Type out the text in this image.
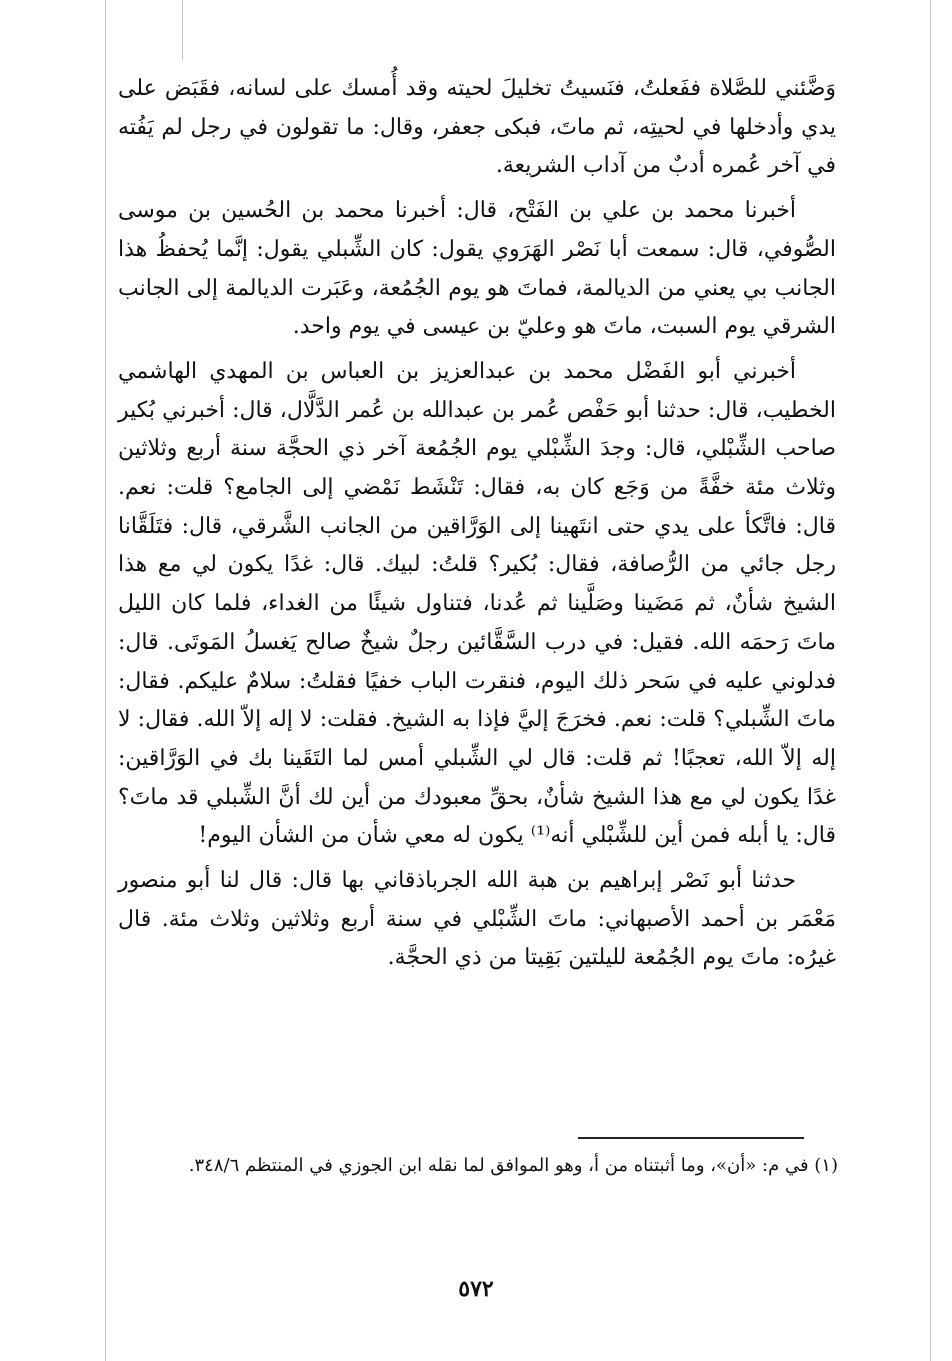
وَضَّئني للصَّلاة ففَعلتُ، فنَسيتُ تخليلَ لحيته وقد أُمسك على لسانه، فقَبَض على يدي وأدخلها في لحيتِه، ثم ماتَ، فبكى جعفر، وقال: ما تقولون في رجل لم يَفُته في آخر عُمره أدبٌ من آداب الشريعة.

أخبرنا محمد بن علي بن الفَتْح، قال: أخبرنا محمد بن الحُسين بن موسى الصُّوفي، قال: سمعت أبا نَصْر الهَرَوي يقول: كان الشِّبلي يقول: إنَّما يُحفظُ هذا الجانب بي يعني من الديالمة، فماتَ هو يوم الجُمُعة، وعَبَرت الديالمة إلى الجانب الشرقي يوم السبت، ماتَ هو وعليّ بن عيسى في يوم واحد.

أخبرني أبو الفَضْل محمد بن عبدالعزيز بن العباس بن المهدي الهاشمي الخطيب، قال: حدثنا أبو حَفْص عُمر بن عبدالله بن عُمر الدَّلَّال، قال: أخبرني بُكير صاحب الشِّبْلي، قال: وجدَ الشِّبْلي يوم الجُمُعة آخر ذي الحجَّة سنة أربع وثلاثين وثلاث مئة خفَّةً من وَجَع كان به، فقال: تَنْشَط نَمْضي إلى الجامع؟ قلت: نعم. قال: فاتَّكأ على يدي حتى انتَهينا إلى الوَرَّاقين من الجانب الشَّرقي، قال: فتَلَقَّانا رجل جائي من الرُّصافة، فقال: بُكير؟ قلتُ: لبيك. قال: غدًا يكون لي مع هذا الشيخ شأنٌ، ثم مَضَينا وصَلَّينا ثم عُدنا، فتناول شيئًا من الغداء، فلما كان الليل ماتَ رَحمَه الله. فقيل: في درب السَّقَّائين رجلٌ شيخٌ صالح يَغسلُ المَوتَى. قال: فدلوني عليه في سَحر ذلك اليوم، فنقرت الباب خفيًا فقلتُ: سلامٌ عليكم. فقال: ماتَ الشِّبلي؟ قلت: نعم. فخرَجَ إليَّ فإذا به الشيخ. فقلت: لا إله إلاّ الله. فقال: لا إله إلاّ الله، تعجبًا! ثم قلت: قال لي الشِّبلي أمس لما التَقَينا بك في الوَرَّاقين: غدًا يكون لي مع هذا الشيخ شأنٌ، بحقِّ معبودك من أين لك أنَّ الشِّبلي قد ماتَ؟ قال: يا أبله فمن أين للشِّبْلي أنه⁽¹⁾ يكون له معي شأن من الشأن اليوم!

حدثنا أبو نَصْر إبراهيم بن هبة الله الجرباذقاني بها قال: قال لنا أبو منصور مَعْمَر بن أحمد الأصبهاني: ماتَ الشِّبْلي في سنة أربع وثلاثين وثلاث مئة. قال غيرُه: ماتَ يوم الجُمُعة لليلتين بَقِيتا من ذي الحجَّة.

(١) في م: «أن»، وما أثبتناه من أ، وهو الموافق لما نقله ابن الجوزي في المنتظم ٣٤٨/٦.

٥٧٢
